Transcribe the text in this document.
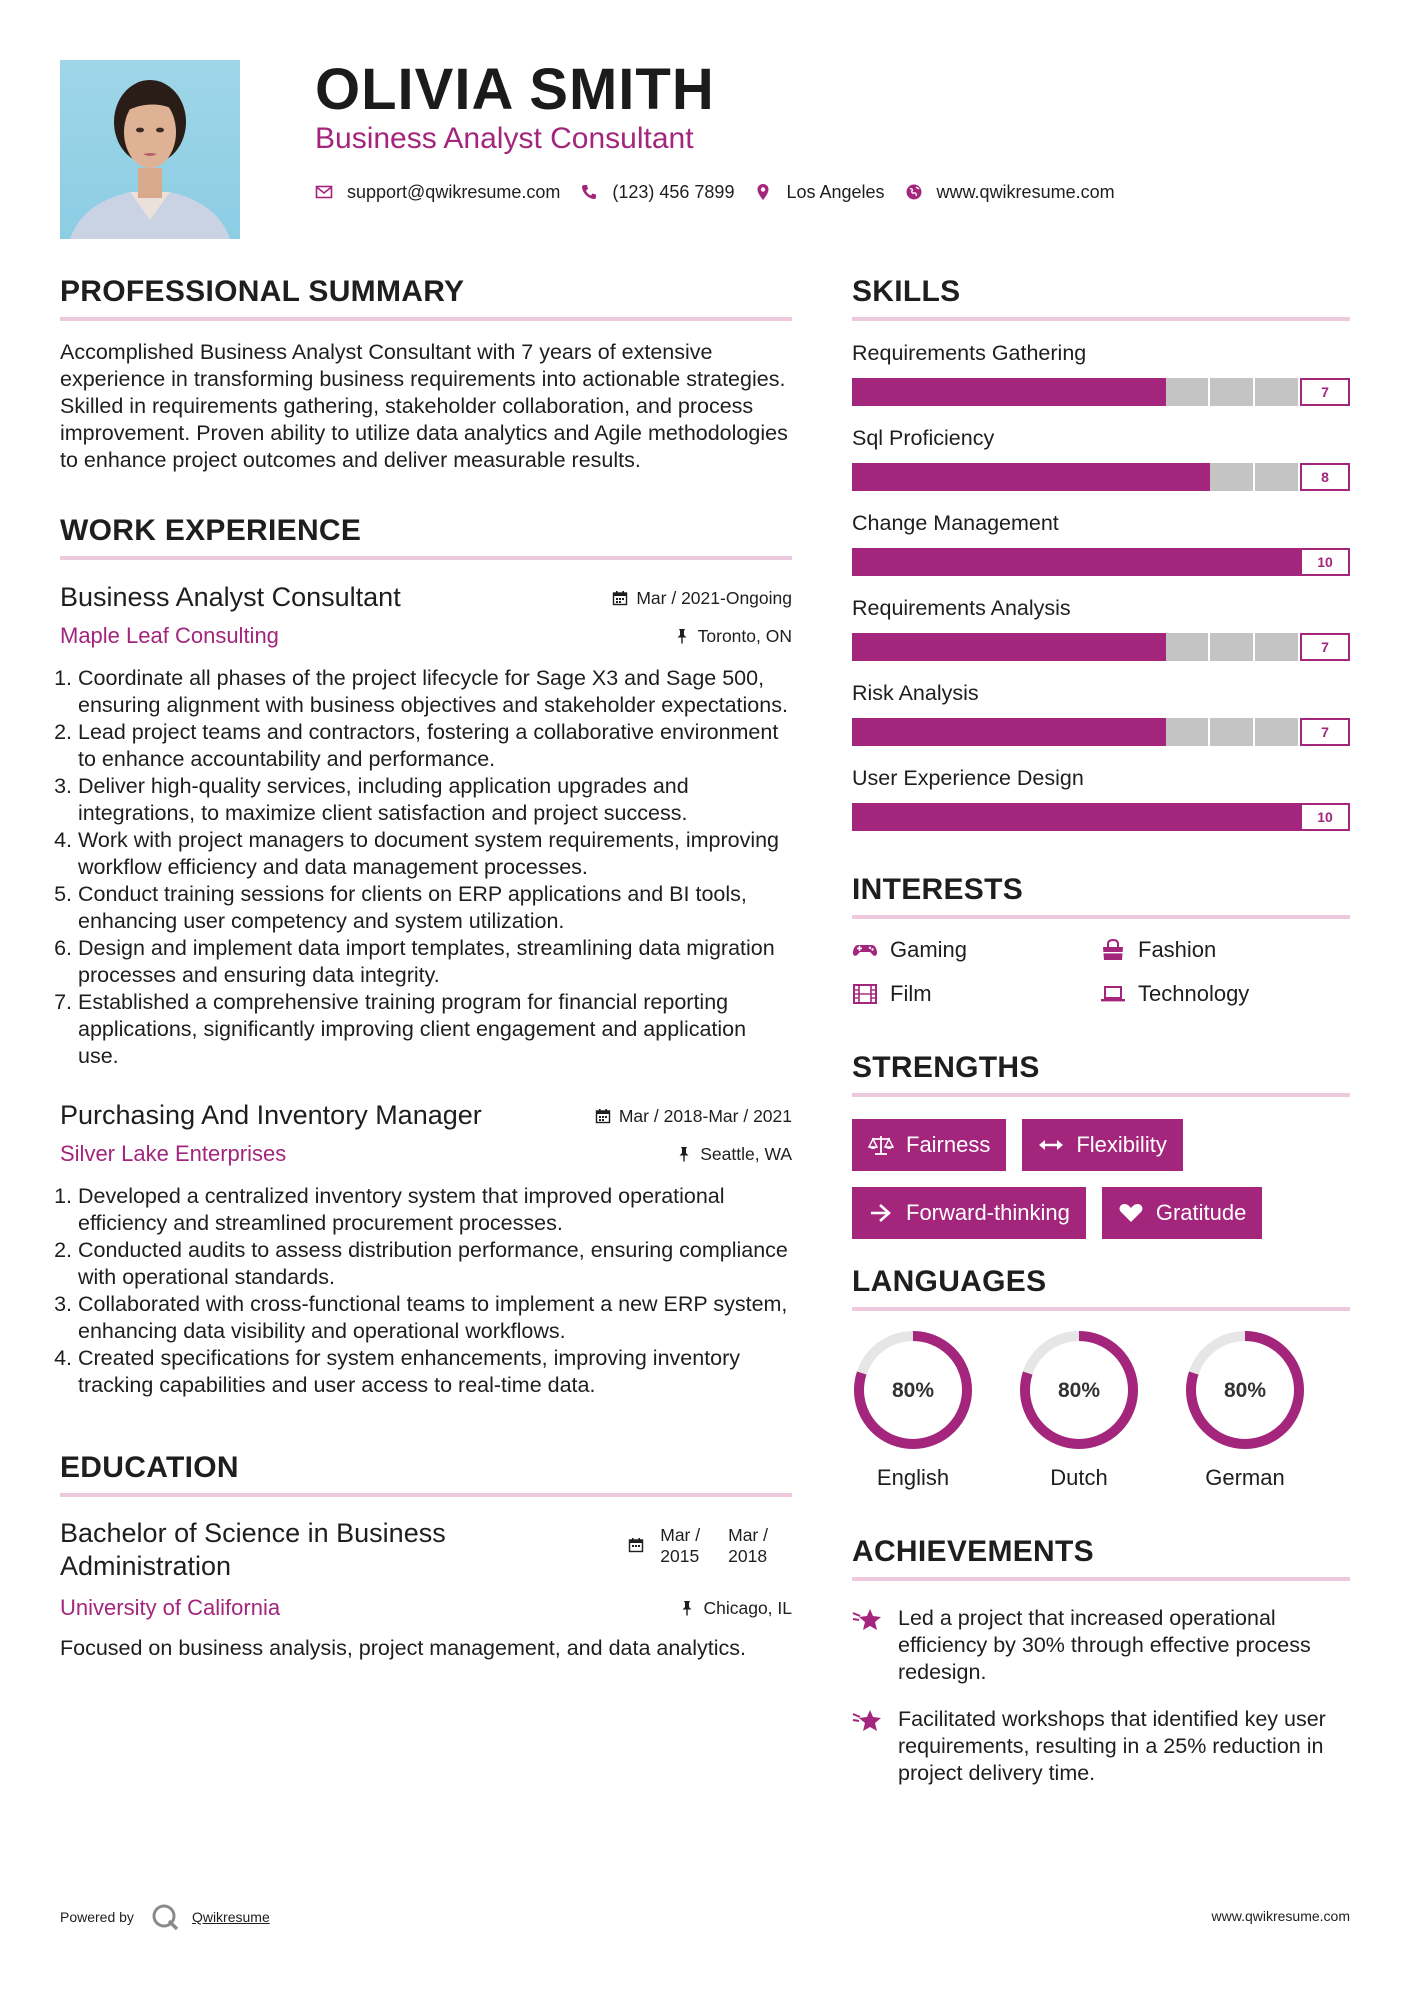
OLIVIA SMITH
Business Analyst Consultant
support@qwikresume.com	(123) 456 7899	Los Angeles	www.qwikresume.com
PROFESSIONAL SUMMARY
Accomplished Business Analyst Consultant with 7 years of extensive experience in transforming business requirements into actionable strategies. Skilled in requirements gathering, stakeholder collaboration, and process improvement. Proven ability to utilize data analytics and Agile methodologies to enhance project outcomes and deliver measurable results.
WORK EXPERIENCE
Business Analyst Consultant	Mar / 2021-Ongoing
Maple Leaf Consulting	Toronto, ON
1. Coordinate all phases of the project lifecycle for Sage X3 and Sage 500, ensuring alignment with business objectives and stakeholder expectations.
2. Lead project teams and contractors, fostering a collaborative environment to enhance accountability and performance.
3. Deliver high-quality services, including application upgrades and integrations, to maximize client satisfaction and project success.
4. Work with project managers to document system requirements, improving workflow efficiency and data management processes.
5. Conduct training sessions for clients on ERP applications and BI tools, enhancing user competency and system utilization.
6. Design and implement data import templates, streamlining data migration processes and ensuring data integrity.
7. Established a comprehensive training program for financial reporting applications, significantly improving client engagement and application use.
Purchasing And Inventory Manager	Mar / 2018-Mar / 2021
Silver Lake Enterprises	Seattle, WA
1. Developed a centralized inventory system that improved operational efficiency and streamlined procurement processes.
2. Conducted audits to assess distribution performance, ensuring compliance with operational standards.
3. Collaborated with cross-functional teams to implement a new ERP system, enhancing data visibility and operational workflows.
4. Created specifications for system enhancements, improving inventory tracking capabilities and user access to real-time data.
EDUCATION
Bachelor of Science in Business Administration
Mar /
2015
Mar /
2018
University of California	Chicago, IL
Focused on business analysis, project management, and data analytics.
SKILLS
Requirements Gathering
7
Sql Proficiency
8
Change Management
10
Requirements Analysis
7
Risk Analysis
7
User Experience Design
10
INTERESTS
Gaming	Fashion
Film	Technology
STRENGTHS
Fairness	Flexibility
Forward-thinking	Gratitude
LANGUAGES
80%
English
80%
Dutch
80%
German
ACHIEVEMENTS
Led a project that increased operational efficiency by 30% through effective process redesign.
Facilitated workshops that identified key user requirements, resulting in a 25% reduction in project delivery time.
Powered by	Qwikresume	www.qwikresume.com
